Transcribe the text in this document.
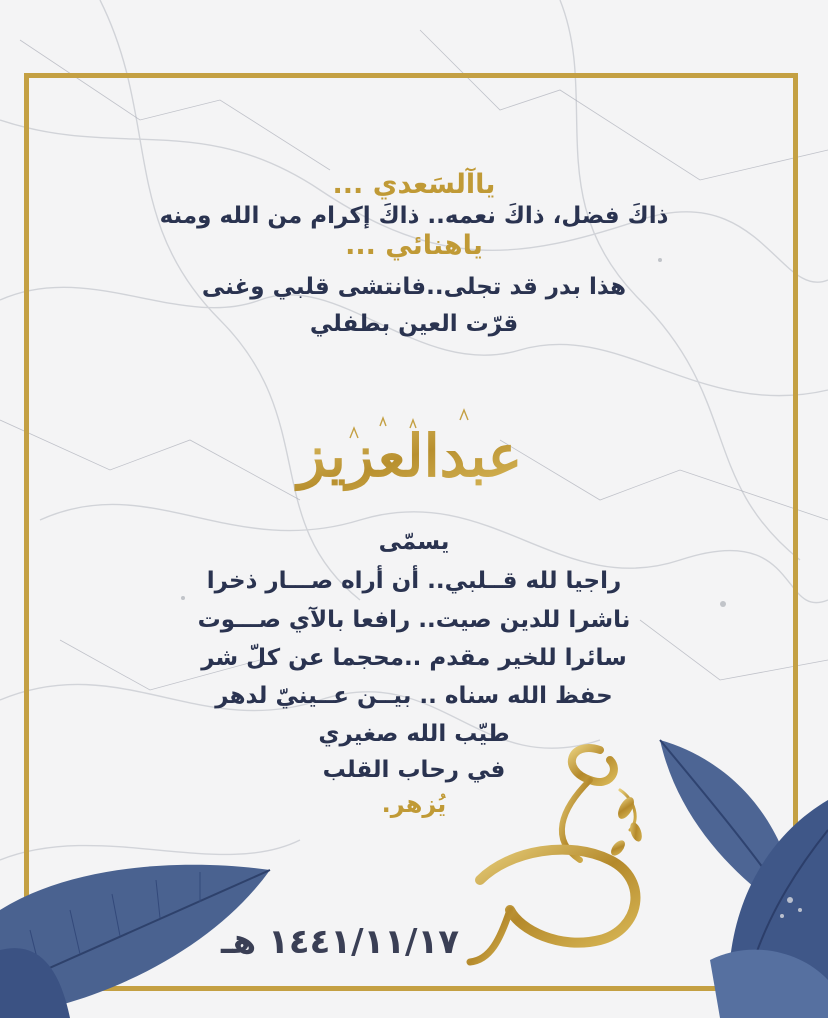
ياآلسَعدي ...
ذاكَ فضل، ذاكَ نعمه.. ذاكَ إكرام من الله ومنه
ياهنائي ...
هذا بدر قد تجلى..فانتشى قلبي وغنى
قرّت العين بطفلي
عبدالعزيز
يسمّى
راجيا لله قــلبي.. أن أراه صـــار ذخرا
ناشرا للدين صيت.. رافعا بالآي صـــوت
سائرا للخير مقدم ..محجما عن كلّ شر
حفظ الله سناه .. بيــن عــينيّ لدهر
طيّب الله صغيري
في رحاب القلب
يُزهر.
ع ص
١٤٤١/١١/١٧ هـ
